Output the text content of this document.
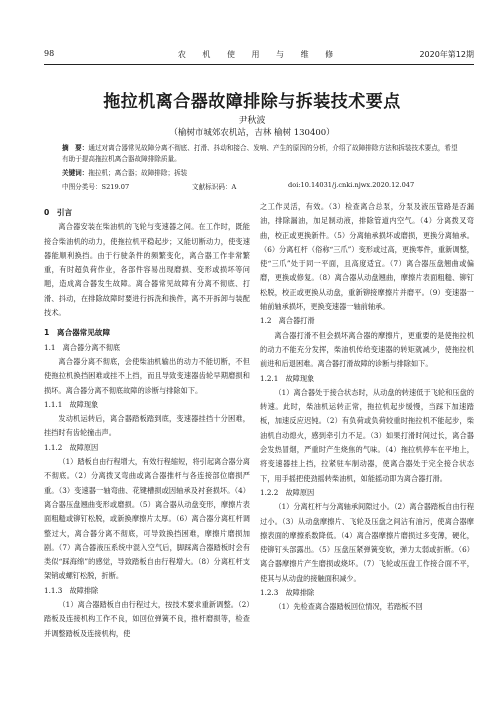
98	农 机 使 用 与 维 修	2020年第12期
拖拉机离合器故障排除与拆装技术要点
尹秋波
（榆树市城郊农机站，吉林 榆树 130400）
摘　要：通过对离合器常见故障分离不彻底、打滑、抖动和接合、发响、产生的原因的分析，介绍了故障排除方法和拆装技术要点，希望有助于提高拖拉机离合器故障排除质量。
关键词：拖拉机；离合器；故障排除；拆装
中图分类号：S219.07	文献标识码：A	doi:10.14031/j.cnki.njwx.2020.12.047
0　引言

离合器安装在柴油机的飞轮与变速器之间。在工作时，既能接合柴油机的动力，使拖拉机平稳起步；又能切断动力，使变速器能顺利换挡。由于行驶条件的频繁变化，离合器工作非常繁重，有时超负荷作业，各部件容易出现磨损、变形或损坏等问题，造成离合器发生故障。离合器常见故障有分离不彻底、打滑、抖动，在排除故障时要进行拆洗和换件，离不开拆卸与装配技术。

1　离合器常见故障
1.1　离合器分离不彻底

离合器分离不彻底，会使柴油机输出的动力不能切断，不但使拖拉机换挡困难或挂不上挡，而且导致变速器齿轮早期磨损和损坏。离合器分离不彻底故障的诊断与排除如下。

1.1.1　故障现象

发动机运转后，离合器踏板踏到底，变速器挂挡十分困难，挂挡时有齿轮撞击声。

1.1.2　故障原因

（1）踏板自由行程增大，有效行程缩短，将引起离合器分离不彻底。（2）分离拨叉弯曲或离合器推杆与各连接部位磨损严重。（3）变速器一轴弯曲、花键槽损或因轴承及衬套损坏。（4）离合器压盘翘曲变形或磨损。（5）离合器从动盘变形，摩擦片表面粗糙或铆钉松脱，或新换摩擦片太厚。（6）离合器分离杠杆调整过大，离合器分离不彻底，可导致换挡困难，摩擦片磨损加剧。（7）离合器液压系统中混入空气后，脚踩离合器踏板时会有类似“踩海绵”的感觉，导致踏板自由行程增大。（8）分离杠杆支架销或螺钉松脱，折断。

1.1.3　故障排除

（1）离合器踏板自由行程过大，按技术要求重新调整。（2）踏板及连接机构工作不良，如回位弹簧不良，推杆磨损等，检查并调整踏板及连接机构，使

之工作灵活，有效。（3）检查离合总泵，分泵及液压管路是否漏油，排除漏油，加足制动液，排除管道内空气。（4）分离拨叉弯曲，校正或更换新件。（5）分离轴承损坏或磨损，更换分离轴承。（6）分离杠杆（俗称“三爪”）变形或过高，更换零件，重新调整，使“三爪”处于同一平面，且高度适宜。（7）离合器压盘翘曲或偏磨，更换或修复。（8）离合器从动盘翘曲，摩擦片表面粗糙、铆钉松脱，校正或更换从动盘，重新铆接摩擦片并磨平。（9）变速器一轴前轴承损坏，更换变速器一轴前轴承。

1.2　离合器打滑

离合器打滑不但会损坏离合器的摩擦片，更重要的是使拖拉机的动力不能充分发挥，柴油机传给变速器的转矩就减少，使拖拉机前进和后退困难。离合器打滑故障的诊断与排除如下。

1.2.1　故障现象

（1）离合器处于接合状态时，从动盘的转速低于飞轮和压盘的转速。此时，柴油机运转正常，拖拉机起步缓慢，当踩下加速踏板，加速反应迟钝。（2）有负荷或负荷较重时拖拉机不能起步，柴油机自动熄火，感到牵引力不足。（3）如果打滑时间过长，离合器会发热冒烟，严重时产生烧焦的气味。（4）拖拉机停车在平地上，将变速器挂上挡，拉紧驻车制动器，使离合器处于完全接合状态下，用手摇把使劲摇转柴油机，如能摇动即为离合器打滑。

1.2.2　故障原因

（1）分离杠杆与分离轴承间隙过小。（2）离合器踏板自由行程过小。（3）从动盘摩擦片、飞轮及压盘之间沾有油污，使离合器摩擦表面的摩擦系数降低。（4）离合器摩擦片磨损过多变薄，硬化，使铆钉头部露出。（5）压盘压紧弹簧变软，弹力太弱或折断。（6）离合器摩擦片产生磨损或烧坏。（7）飞轮或压盘工作接合面不平，使其与从动盘的接触面积减少。

1.2.3　故障排除

（1）先检查离合器踏板回位情况，若踏板不回
